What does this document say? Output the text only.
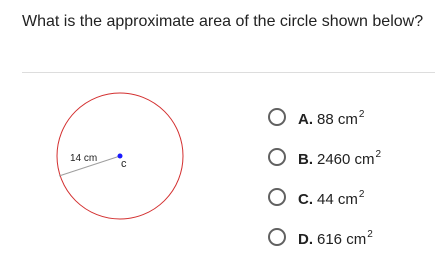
What is the approximate area of the circle shown below?
14 cm c
A. 88 $cm^2$
B. 2460 $cm^2$
C. 44 $cm^2$
D. 616 $cm^2$
